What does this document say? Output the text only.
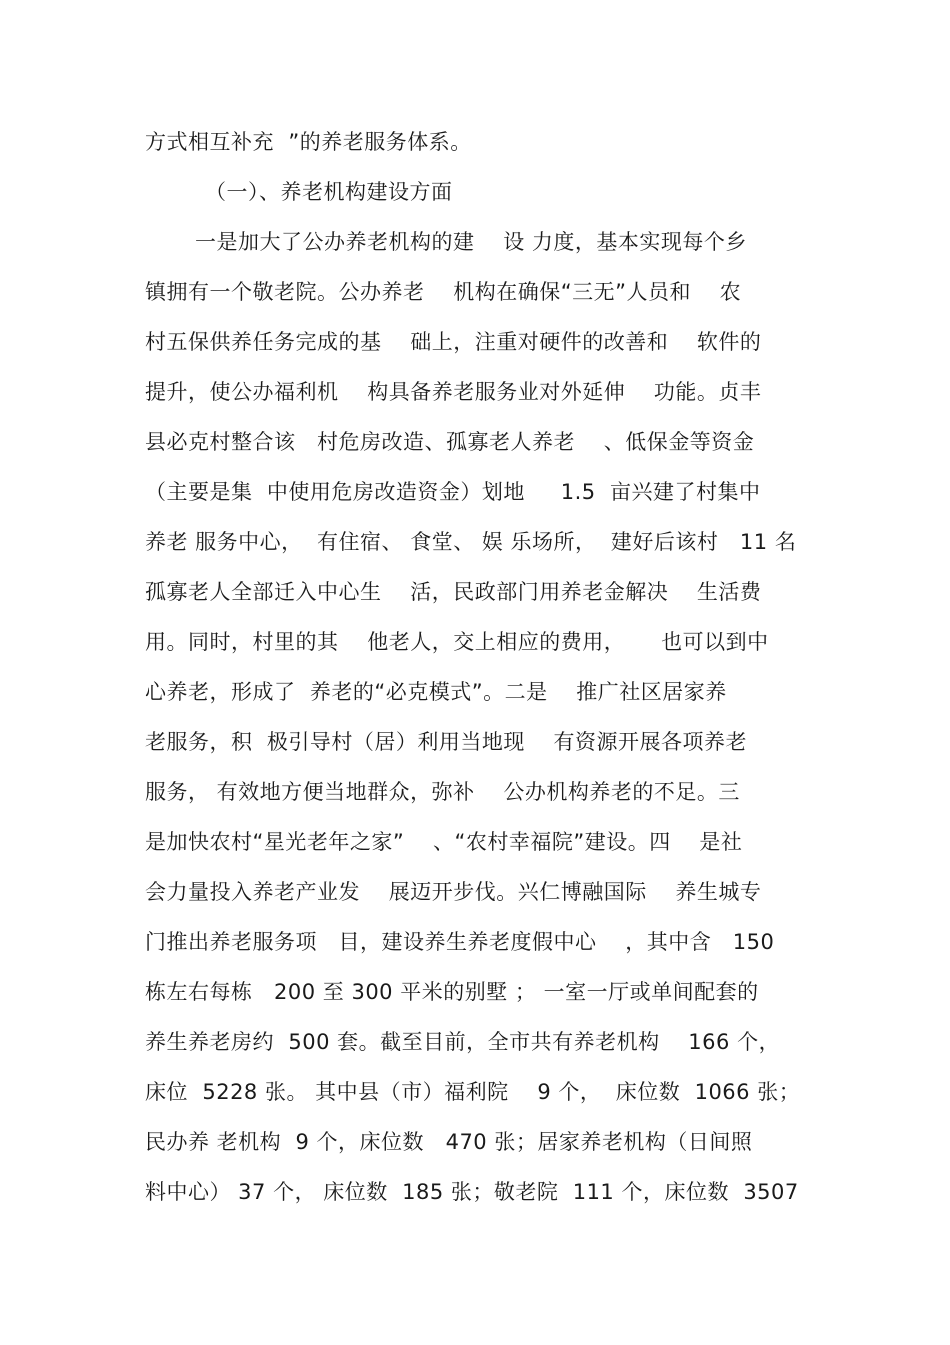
方式相互补充  ”的养老服务体系。
（一）、养老机构建设方面
一是加大了公办养老机构的建    设 力度，基本实现每个乡
镇拥有一个敬老院。公办养老    机构在确保“三无”人员和    农
村五保供养任务完成的基    础上，注重对硬件的改善和    软件的
提升，使公办福利机    构具备养老服务业对外延伸    功能。贞丰
县必克村整合该   村危房改造、孤寡老人养老    、低保金等资金
（主要是集  中使用危房改造资金）划地     1.5  亩兴建了村集中
养老 服务中心，  有住宿、 食堂、 娱 乐场所，  建好后该村   11 名
孤寡老人全部迁入中心生    活，民政部门用养老金解决    生活费
用。同时，村里的其    他老人，交上相应的费用，     也可以到中
心养老，形成了  养老的“必克模式”。二是    推广社区居家养
老服务，积  极引导村（居）利用当地现    有资源开展各项养老
服务， 有效地方便当地群众，弥补    公办机构养老的不足。三
是加快农村“星光老年之家”    、“农村幸福院”建设。四    是社
会力量投入养老产业发    展迈开步伐。兴仁博融国际    养生城专
门推出养老服务项   目，建设养生养老度假中心    ，其中含   150
栋左右每栋   200 至 300 平米的别墅 ； 一室一厅或单间配套的
养生养老房约  500 套。截至目前，全市共有养老机构    166 个，
床位  5228 张。 其中县（市）福利院    9 个，  床位数  1066 张；
民办养 老机构  9 个，床位数   470 张；居家养老机构（日间照
料中心） 37 个， 床位数  185 张；敬老院  111 个，床位数  3507
